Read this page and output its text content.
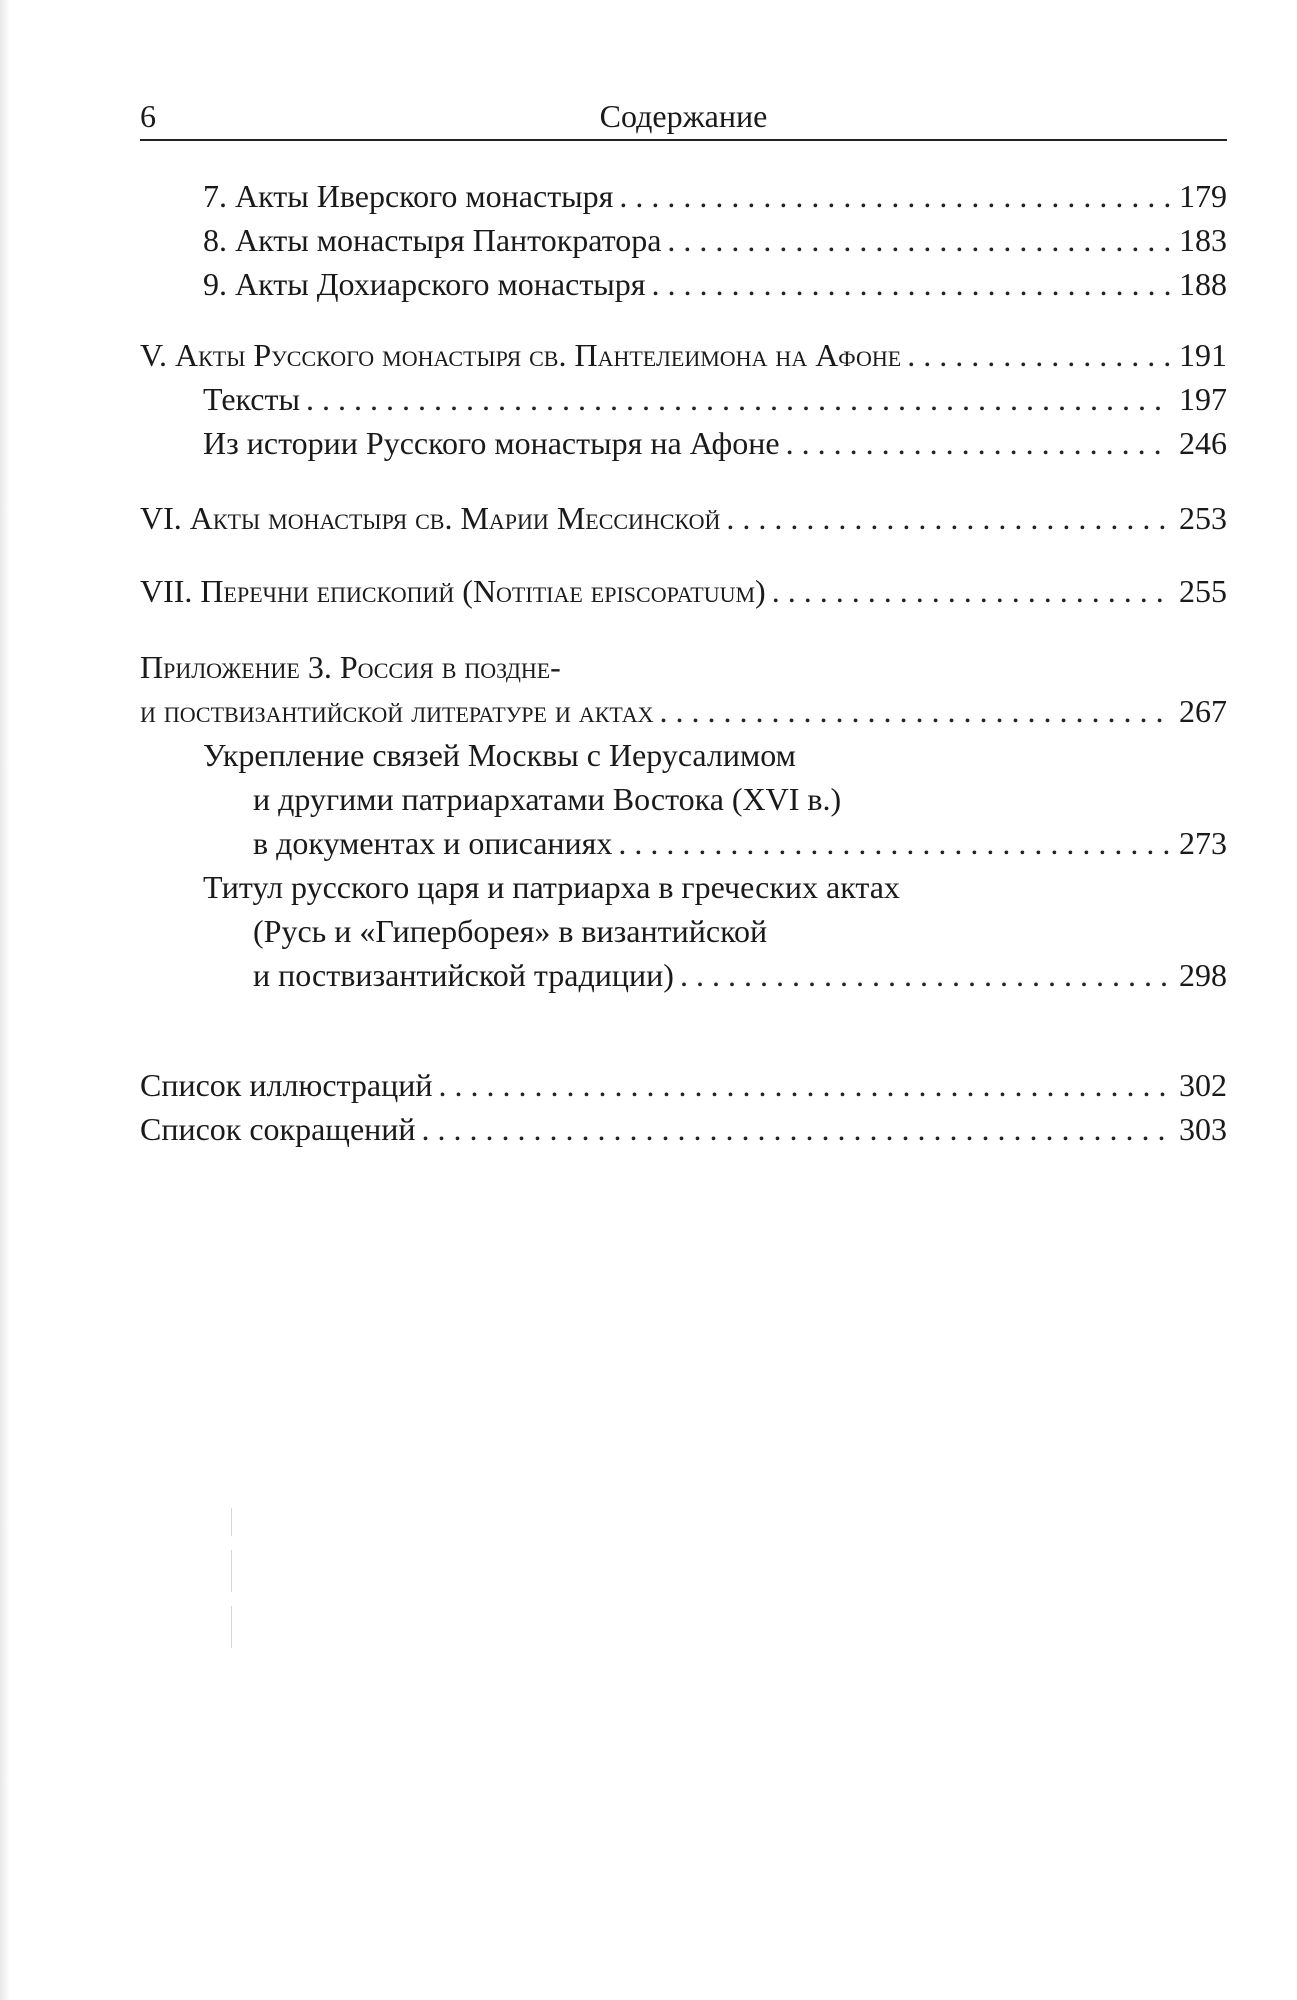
6	Содержание
7. Акты Иверского монастыря . . .	179
8. Акты монастыря Пантократора . . .	183
9. Акты Дохиарского монастыря . . .	188
V. Акты Русского монастыря св. Пантелеимона на Афоне . . .	191
Тексты . . .	197
Из истории Русского монастыря на Афоне . . .	246
VI. Акты монастыря св. Марии Мессинской . . .	253
VII. Перечни епископий (Notitiae episcopatuum) . . .	255
Приложение 3. Россия в поздне-
и поствизантийской литературе и актах . . .	267
Укрепление связей Москвы с Иерусалимом
и другими патриархатами Востока (XVI в.)
в документах и описаниях . . .	273
Титул русского царя и патриарха в греческих актах
(Русь и «Гиперборея» в византийской
и поствизантийской традиции) . . .	298
Список иллюстраций . . .	302
Список сокращений . . .	303
